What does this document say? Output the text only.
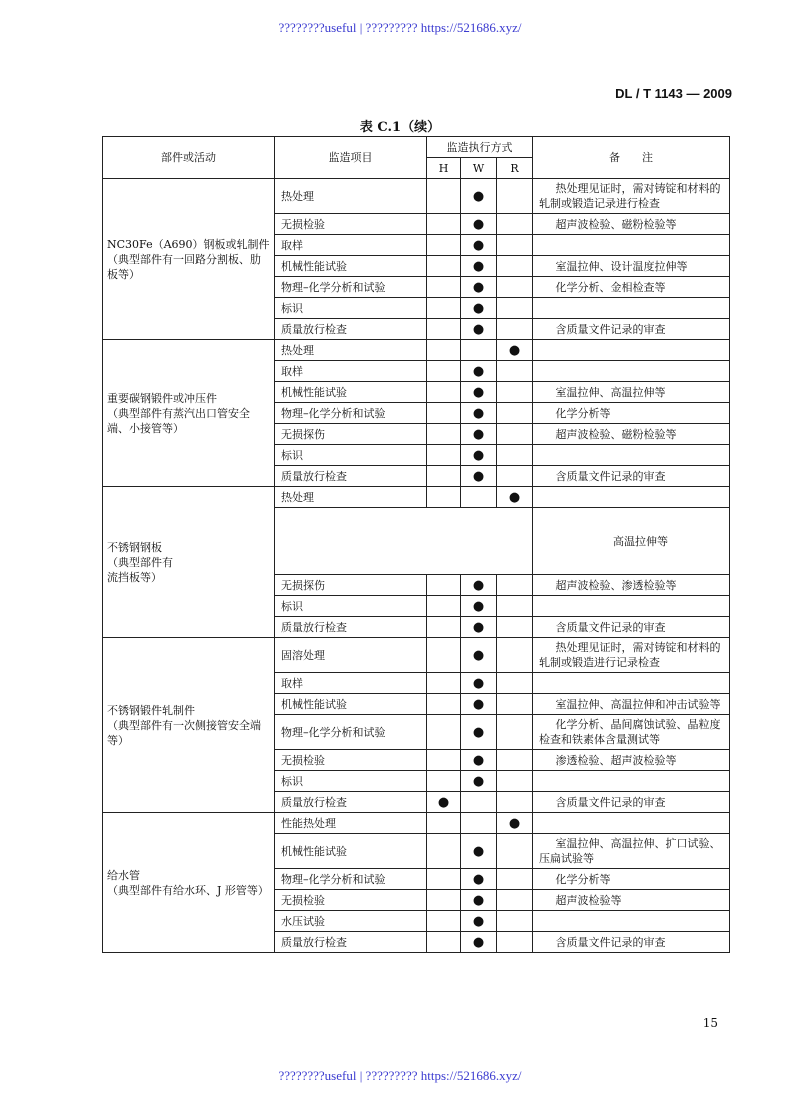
????????useful | ????????? https://521686.xyz/
DL / T 1143 — 2009
表 C.1（续）
部件或活动	监造项目	监造执行方式			备　　注
		H	W	R	
NC30Fe（A690）钢板或轧制件
（典型部件有一回路分割板、肋板等）	热处理		●		热处理见证时，需对铸锭和材料的轧制或锻造记录进行检查
	无损检验		●		超声波检验、磁粉检验等
	取样		●		
	机械性能试验		●		室温拉伸、设计温度拉伸等
	物理–化学分析和试验		●		化学分析、金相检查等
	标识		●		
	质量放行检查		●		含质量文件记录的审查
重要碳钢锻件或冲压件
（典型部件有蒸汽出口管安全端、小接管等）	热处理			●	
	取样		●		
	机械性能试验		●		室温拉伸、高温拉伸等
	物理–化学分析和试验		●		化学分析等
	无损探伤		●		超声波检验、磁粉检验等
	标识		●		
	质量放行检查		●		含质量文件记录的审查
不锈钢钢板
（典型部件有
流挡板等）	热处理			●	
					高温拉伸等
	无损探伤		●		超声波检验、渗透检验等
	标识		●		
	质量放行检查		●		含质量文件记录的审查
不锈钢锻件轧制件
（典型部件有一次侧接管安全端等）	固溶处理		●		热处理见证时，需对铸锭和材料的轧制或锻造进行记录检查
	取样		●		
	机械性能试验		●		室温拉伸、高温拉伸和冲击试验等
	物理–化学分析和试验		●		化学分析、晶间腐蚀试验、晶粒度检查和铁素体含量测试等
	无损检验		●		渗透检验、超声波检验等
	标识		●		
	质量放行检查	●			含质量文件记录的审查
给水管
（典型部件有给水环、J 形管等）	性能热处理			●	
	机械性能试验		●		室温拉伸、高温拉伸、扩口试验、压扁试验等
	物理–化学分析和试验		●		化学分析等
	无损检验		●		超声波检验等
	水压试验		●		
	质量放行检查		●		含质量文件记录的审查
15
????????useful | ????????? https://521686.xyz/
